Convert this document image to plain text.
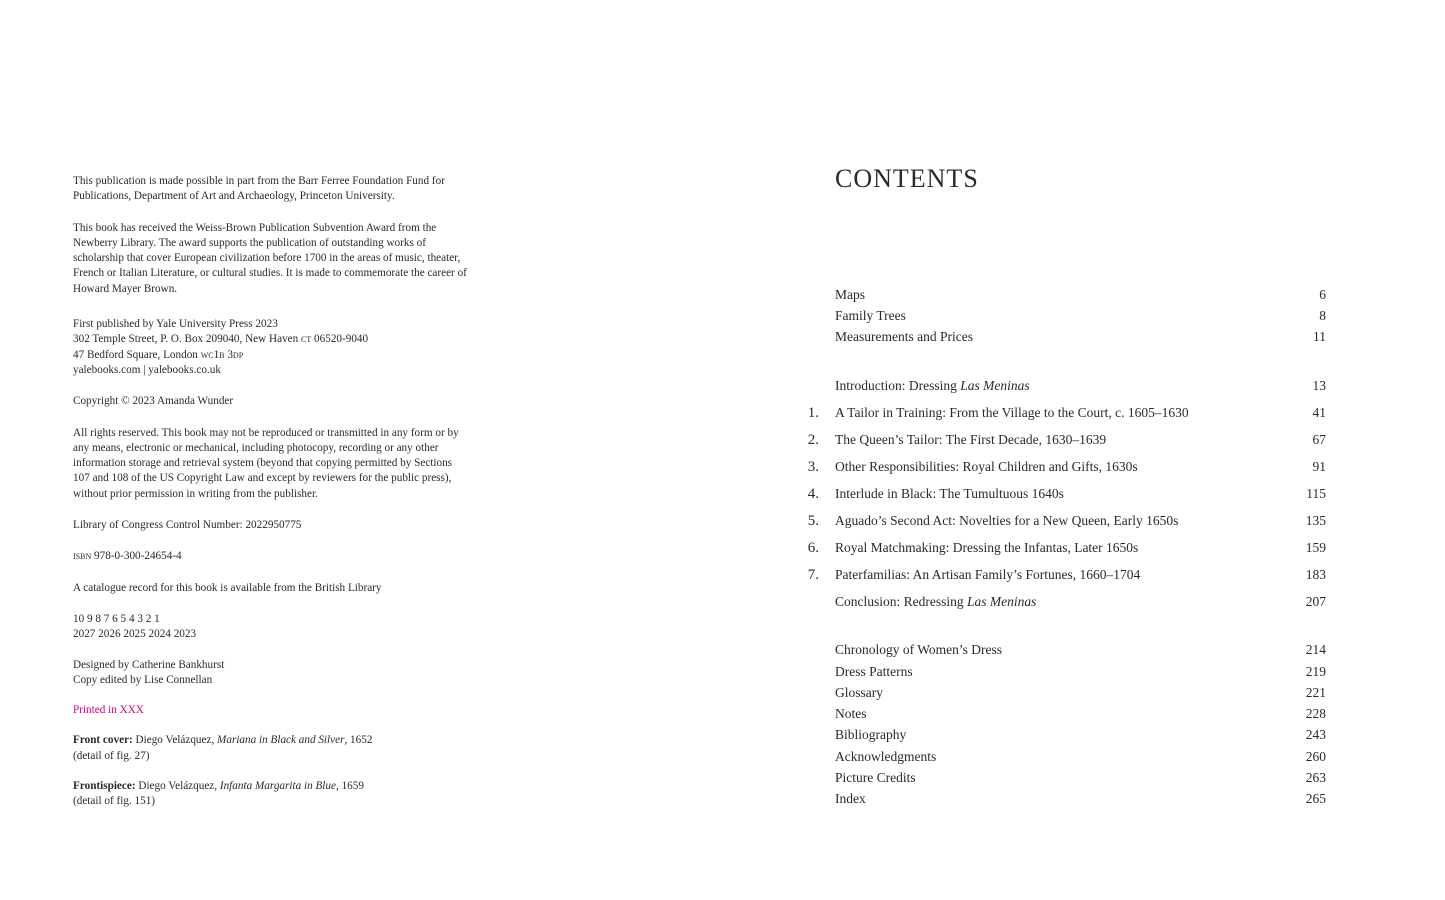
This publication is made possible in part from the Barr Ferree Foundation Fund for Publications, Department of Art and Archaeology, Princeton University.

This book has received the Weiss-Brown Publication Subvention Award from the Newberry Library. The award supports the publication of outstanding works of scholarship that cover European civilization before 1700 in the areas of music, theater, French or Italian Literature, or cultural studies. It is made to commemorate the career of Howard Mayer Brown.

First published by Yale University Press 2023

302 Temple Street, P. O. Box 209040, New Haven ct 06520-9040

47 Bedford Square, London wc1b 3dp

yalebooks.com | yalebooks.co.uk

Copyright © 2023 Amanda Wunder

All rights reserved. This book may not be reproduced or transmitted in any form or by any means, electronic or mechanical, including photocopy, recording or any other information storage and retrieval system (beyond that copying permitted by Sections 107 and 108 of the US Copyright Law and except by reviewers for the public press), without prior permission in writing from the publisher.

Library of Congress Control Number: 2022950775

isbn 978-0-300-24654-4

A catalogue record for this book is available from the British Library

10 9 8 7 6 5 4 3 2 1

2027 2026 2025 2024 2023

Designed by Catherine Bankhurst

Copy edited by Lise Connellan

Printed in XXX

Front cover: Diego Velázquez, Mariana in Black and Silver, 1652

(detail of fig. 27)

Frontispiece: Diego Velázquez, Infanta Margarita in Blue, 1659

(detail of fig. 151)

CONTENTS
Maps	6
Family Trees	8
Measurements and Prices	11
Introduction: Dressing Las Meninas	13
1. A Tailor in Training: From the Village to the Court, c. 1605–1630	41
2. The Queen’s Tailor: The First Decade, 1630–1639	67
3. Other Responsibilities: Royal Children and Gifts, 1630s	91
4. Interlude in Black: The Tumultuous 1640s	115
5. Aguado’s Second Act: Novelties for a New Queen, Early 1650s	135
6. Royal Matchmaking: Dressing the Infantas, Later 1650s	159
7. Paterfamilias: An Artisan Family’s Fortunes, 1660–1704	183
Conclusion: Redressing Las Meninas	207
Chronology of Women’s Dress	214
Dress Patterns	219
Glossary	221
Notes	228
Bibliography	243
Acknowledgments	260
Picture Credits	263
Index	265
